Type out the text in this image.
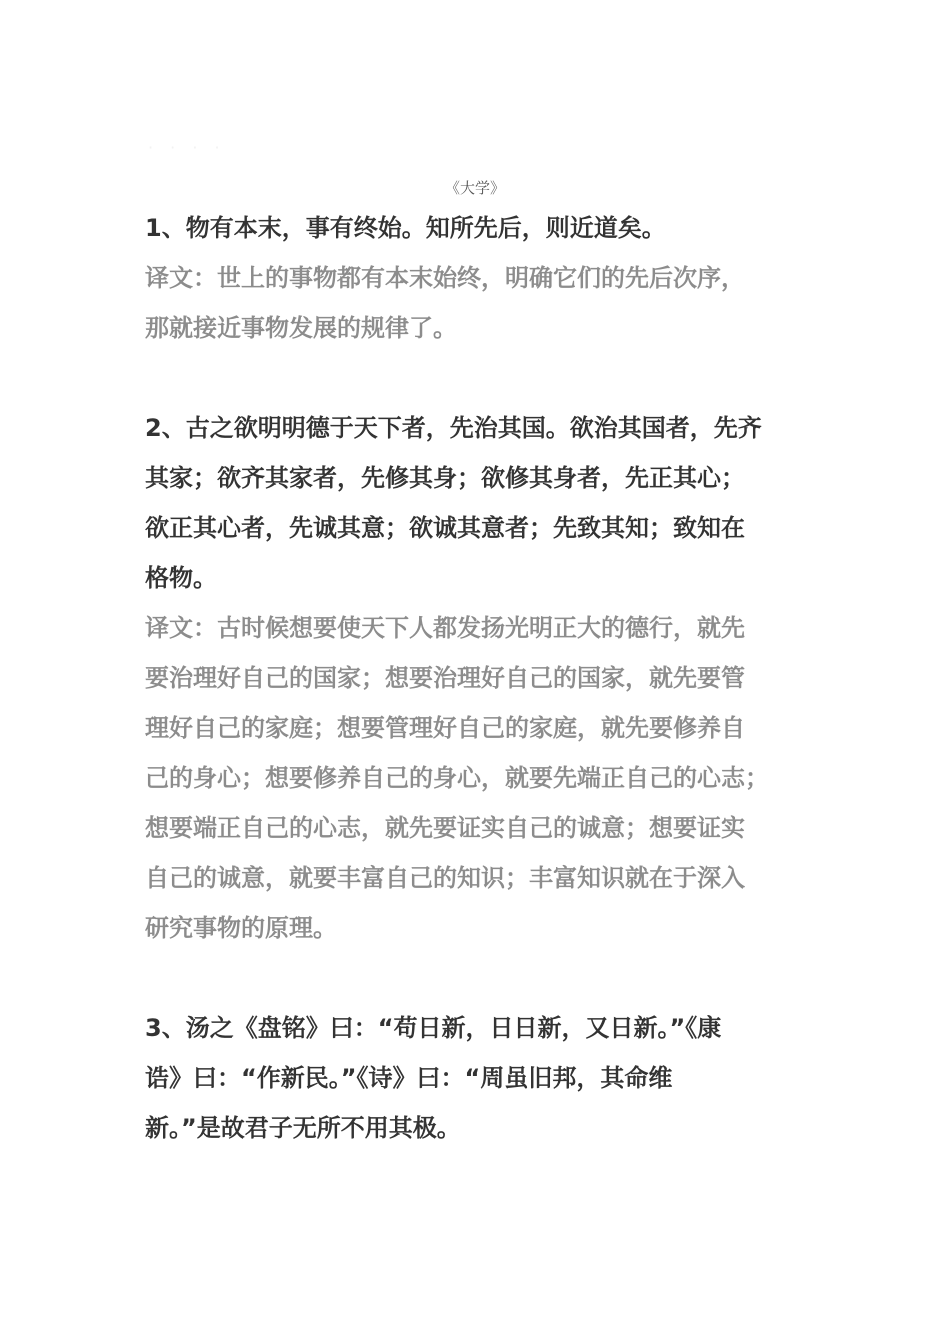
· · · ·
《大学》
1、物有本末，事有终始。知所先后，则近道矣。
译文：世上的事物都有本末始终，明确它们的先后次序，
那就接近事物发展的规律了。
2、古之欲明明德于天下者，先治其国。欲治其国者，先齐
其家；欲齐其家者，先修其身；欲修其身者，先正其心；
欲正其心者，先诚其意；欲诚其意者；先致其知；致知在
格物。
译文：古时候想要使天下人都发扬光明正大的德行，就先
要治理好自己的国家；想要治理好自己的国家，就先要管
理好自己的家庭；想要管理好自己的家庭，就先要修养自
己的身心；想要修养自己的身心，就要先端正自己的心志；
想要端正自己的心志，就先要证实自己的诚意；想要证实
自己的诚意，就要丰富自己的知识；丰富知识就在于深入
研究事物的原理。
3、汤之《盘铭》曰：“苟日新，日日新，又日新。”《康
诰》曰：“作新民。”《诗》曰：“周虽旧邦，其命维
新。”是故君子无所不用其极。
